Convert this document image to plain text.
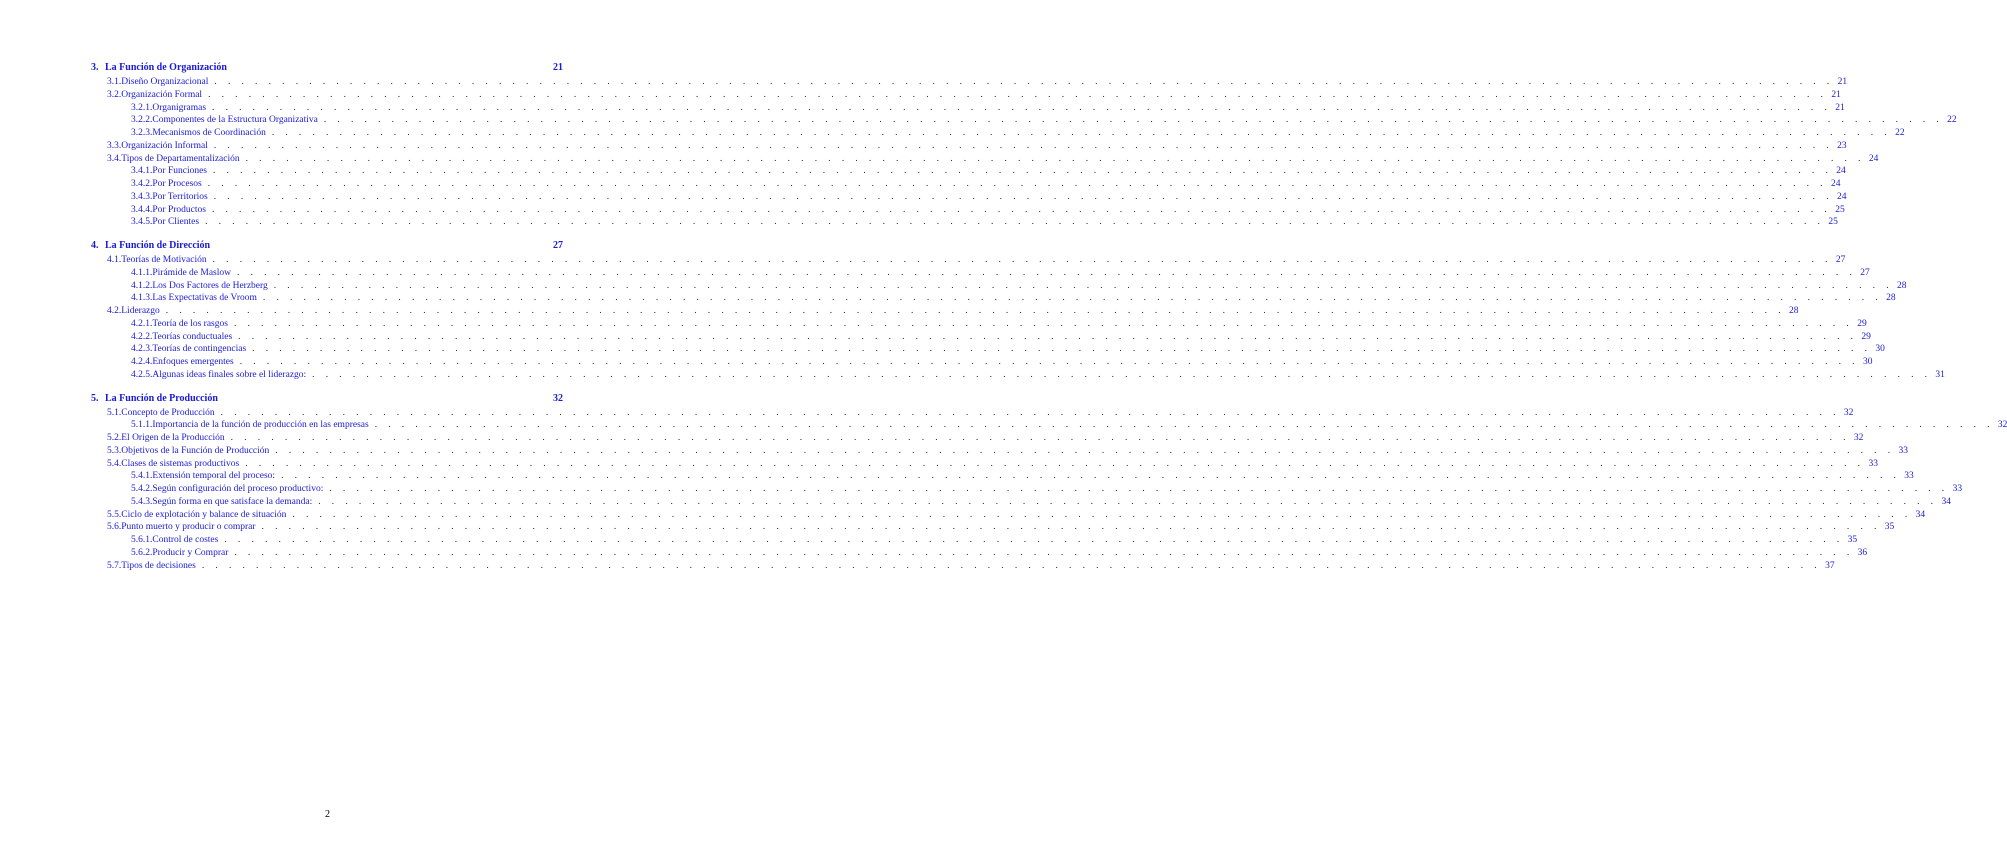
3. La Función de Organización	21
3.1. Diseño Organizacional . . . . . . . . . . . . . . . . . . . . . . . . . . . . . . . . . . . . . . . . . . . . . . . . . . . . . . . . . . . . . . . . . . . . . . . . . . . . . . . . . . . . . . . . . . . . . . . . . . . . . . . . . . . . . . . . . . . . . . . . 21
3.2. Organización Formal . . . . . . . . . . . . . . . . . . . . . . . . . . . . . . . . . . . . . . . . . . . . . . . . . . . . . . . . . . . . . . . . . . . . . . . . . . . . . . . . . . . . . . . . . . . . . . . . . . . . . . . . . . . . . . . . . . . . . . . . 21
3.2.1. Organigramas . . . . . . . . . . . . . . . . . . . . . . . . . . . . . . . . . . . . . . . . . . . . . . . . . . . . . . . . . . . . . . . . . . . . . . . . . . . . . . . . . . . . . . . . . . . . . . . . . . . . . . . . . . . . . . . . . . . . . . . . 21
3.2.2. Componentes de la Estructura Organizativa . . . . . . . . . . . . . . . . . . . . . . . . . . . . . . . . . . . . . . . . . . . . . . . . . . . . . . . . . . . . . . . . . . . . . . . . . . . . . . . . . . . . . . . . . . . . . . . . . . . . . . . . . . . . . . . . . . . . . . . . 22
3.2.3. Mecanismos de Coordinación . . . . . . . . . . . . . . . . . . . . . . . . . . . . . . . . . . . . . . . . . . . . . . . . . . . . . . . . . . . . . . . . . . . . . . . . . . . . . . . . . . . . . . . . . . . . . . . . . . . . . . . . . . . . . . . . . . . . . . . . 22
3.3. Organización Informal . . . . . . . . . . . . . . . . . . . . . . . . . . . . . . . . . . . . . . . . . . . . . . . . . . . . . . . . . . . . . . . . . . . . . . . . . . . . . . . . . . . . . . . . . . . . . . . . . . . . . . . . . . . . . . . . . . . . . . . . 23
3.4. Tipos de Departamentalización . . . . . . . . . . . . . . . . . . . . . . . . . . . . . . . . . . . . . . . . . . . . . . . . . . . . . . . . . . . . . . . . . . . . . . . . . . . . . . . . . . . . . . . . . . . . . . . . . . . . . . . . . . . . . . . . . . . . . . . . 24
3.4.1. Por Funciones . . . . . . . . . . . . . . . . . . . . . . . . . . . . . . . . . . . . . . . . . . . . . . . . . . . . . . . . . . . . . . . . . . . . . . . . . . . . . . . . . . . . . . . . . . . . . . . . . . . . . . . . . . . . . . . . . . . . . . . . 24
3.4.2. Por Procesos . . . . . . . . . . . . . . . . . . . . . . . . . . . . . . . . . . . . . . . . . . . . . . . . . . . . . . . . . . . . . . . . . . . . . . . . . . . . . . . . . . . . . . . . . . . . . . . . . . . . . . . . . . . . . . . . . . . . . . . . 24
3.4.3. Por Territorios . . . . . . . . . . . . . . . . . . . . . . . . . . . . . . . . . . . . . . . . . . . . . . . . . . . . . . . . . . . . . . . . . . . . . . . . . . . . . . . . . . . . . . . . . . . . . . . . . . . . . . . . . . . . . . . . . . . . . . . . 24
3.4.4. Por Productos . . . . . . . . . . . . . . . . . . . . . . . . . . . . . . . . . . . . . . . . . . . . . . . . . . . . . . . . . . . . . . . . . . . . . . . . . . . . . . . . . . . . . . . . . . . . . . . . . . . . . . . . . . . . . . . . . . . . . . . . 25
3.4.5. Por Clientes . . . . . . . . . . . . . . . . . . . . . . . . . . . . . . . . . . . . . . . . . . . . . . . . . . . . . . . . . . . . . . . . . . . . . . . . . . . . . . . . . . . . . . . . . . . . . . . . . . . . . . . . . . . . . . . . . . . . . . . . 25
4. La Función de Dirección	27
4.1. Teorías de Motivación . . . . . . . . . . . . . . . . . . . . . . . . . . . . . . . . . . . . . . . . . . . . . . . . . . . . . . . . . . . . . . . . . . . . . . . . . . . . . . . . . . . . . . . . . . . . . . . . . . . . . . . . . . . . . . . . . . . . . . . . 27
4.1.1. Pirámide de Maslow . . . . . . . . . . . . . . . . . . . . . . . . . . . . . . . . . . . . . . . . . . . . . . . . . . . . . . . . . . . . . . . . . . . . . . . . . . . . . . . . . . . . . . . . . . . . . . . . . . . . . . . . . . . . . . . . . . . . . . . . 27
4.1.2. Los Dos Factores de Herzberg . . . . . . . . . . . . . . . . . . . . . . . . . . . . . . . . . . . . . . . . . . . . . . . . . . . . . . . . . . . . . . . . . . . . . . . . . . . . . . . . . . . . . . . . . . . . . . . . . . . . . . . . . . . . . . . . . . . . . . . . 28
4.1.3. Las Expectativas de Vroom . . . . . . . . . . . . . . . . . . . . . . . . . . . . . . . . . . . . . . . . . . . . . . . . . . . . . . . . . . . . . . . . . . . . . . . . . . . . . . . . . . . . . . . . . . . . . . . . . . . . . . . . . . . . . . . . . . . . . . . . 28
4.2. Liderazgo . . . . . . . . . . . . . . . . . . . . . . . . . . . . . . . . . . . . . . . . . . . . . . . . . . . . . . . . . . . . . . . . . . . . . . . . . . . . . . . . . . . . . . . . . . . . . . . . . . . . . . . . . . . . . . . . . . . . . . . . 28
4.2.1. Teoría de los rasgos . . . . . . . . . . . . . . . . . . . . . . . . . . . . . . . . . . . . . . . . . . . . . . . . . . . . . . . . . . . . . . . . . . . . . . . . . . . . . . . . . . . . . . . . . . . . . . . . . . . . . . . . . . . . . . . . . . . . . . . . 29
4.2.2. Teorías conductuales . . . . . . . . . . . . . . . . . . . . . . . . . . . . . . . . . . . . . . . . . . . . . . . . . . . . . . . . . . . . . . . . . . . . . . . . . . . . . . . . . . . . . . . . . . . . . . . . . . . . . . . . . . . . . . . . . . . . . . . . 29
4.2.3. Teorías de contingencias . . . . . . . . . . . . . . . . . . . . . . . . . . . . . . . . . . . . . . . . . . . . . . . . . . . . . . . . . . . . . . . . . . . . . . . . . . . . . . . . . . . . . . . . . . . . . . . . . . . . . . . . . . . . . . . . . . . . . . . . 30
4.2.4. Enfoques emergentes . . . . . . . . . . . . . . . . . . . . . . . . . . . . . . . . . . . . . . . . . . . . . . . . . . . . . . . . . . . . . . . . . . . . . . . . . . . . . . . . . . . . . . . . . . . . . . . . . . . . . . . . . . . . . . . . . . . . . . . . 30
4.2.5. Algunas ideas finales sobre el liderazgo: . . . . . . . . . . . . . . . . . . . . . . . . . . . . . . . . . . . . . . . . . . . . . . . . . . . . . . . . . . . . . . . . . . . . . . . . . . . . . . . . . . . . . . . . . . . . . . . . . . . . . . . . . . . . . . . . . . . . . . . . 31
5. La Función de Producción	32
5.1. Concepto de Producción . . . . . . . . . . . . . . . . . . . . . . . . . . . . . . . . . . . . . . . . . . . . . . . . . . . . . . . . . . . . . . . . . . . . . . . . . . . . . . . . . . . . . . . . . . . . . . . . . . . . . . . . . . . . . . . . . . . . . . . . 32
5.1.1. Importancia de la función de producción en las empresas . . . . . . . . . . . . . . . . . . . . . . . . . . . . . . . . . . . . . . . . . . . . . . . . . . . . . . . . . . . . . . . . . . . . . . . . . . . . . . . . . . . . . . . . . . . . . . . . . . . . . . . . . . . . . . . . . . . . . . . . 32
5.2. El Origen de la Producción . . . . . . . . . . . . . . . . . . . . . . . . . . . . . . . . . . . . . . . . . . . . . . . . . . . . . . . . . . . . . . . . . . . . . . . . . . . . . . . . . . . . . . . . . . . . . . . . . . . . . . . . . . . . . . . . . . . . . . . . 32
5.3. Objetivos de la Función de Producción . . . . . . . . . . . . . . . . . . . . . . . . . . . . . . . . . . . . . . . . . . . . . . . . . . . . . . . . . . . . . . . . . . . . . . . . . . . . . . . . . . . . . . . . . . . . . . . . . . . . . . . . . . . . . . . . . . . . . . . . 33
5.4. Clases de sistemas productivos . . . . . . . . . . . . . . . . . . . . . . . . . . . . . . . . . . . . . . . . . . . . . . . . . . . . . . . . . . . . . . . . . . . . . . . . . . . . . . . . . . . . . . . . . . . . . . . . . . . . . . . . . . . . . . . . . . . . . . . . 33
5.4.1. Extensión temporal del proceso: . . . . . . . . . . . . . . . . . . . . . . . . . . . . . . . . . . . . . . . . . . . . . . . . . . . . . . . . . . . . . . . . . . . . . . . . . . . . . . . . . . . . . . . . . . . . . . . . . . . . . . . . . . . . . . . . . . . . . . . . 33
5.4.2. Según configuración del proceso productivo: . . . . . . . . . . . . . . . . . . . . . . . . . . . . . . . . . . . . . . . . . . . . . . . . . . . . . . . . . . . . . . . . . . . . . . . . . . . . . . . . . . . . . . . . . . . . . . . . . . . . . . . . . . . . . . . . . . . . . . . . 33
5.4.3. Según forma en que satisface la demanda: . . . . . . . . . . . . . . . . . . . . . . . . . . . . . . . . . . . . . . . . . . . . . . . . . . . . . . . . . . . . . . . . . . . . . . . . . . . . . . . . . . . . . . . . . . . . . . . . . . . . . . . . . . . . . . . . . . . . . . . . 34
5.5. Ciclo de explotación y balance de situación . . . . . . . . . . . . . . . . . . . . . . . . . . . . . . . . . . . . . . . . . . . . . . . . . . . . . . . . . . . . . . . . . . . . . . . . . . . . . . . . . . . . . . . . . . . . . . . . . . . . . . . . . . . . . . . . . . . . . . . . 34
5.6. Punto muerto y producir o comprar . . . . . . . . . . . . . . . . . . . . . . . . . . . . . . . . . . . . . . . . . . . . . . . . . . . . . . . . . . . . . . . . . . . . . . . . . . . . . . . . . . . . . . . . . . . . . . . . . . . . . . . . . . . . . . . . . . . . . . . . 35
5.6.1. Control de costes . . . . . . . . . . . . . . . . . . . . . . . . . . . . . . . . . . . . . . . . . . . . . . . . . . . . . . . . . . . . . . . . . . . . . . . . . . . . . . . . . . . . . . . . . . . . . . . . . . . . . . . . . . . . . . . . . . . . . . . . 35
5.6.2. Producir y Comprar . . . . . . . . . . . . . . . . . . . . . . . . . . . . . . . . . . . . . . . . . . . . . . . . . . . . . . . . . . . . . . . . . . . . . . . . . . . . . . . . . . . . . . . . . . . . . . . . . . . . . . . . . . . . . . . . . . . . . . . . 36
5.7. Tipos de decisiones . . . . . . . . . . . . . . . . . . . . . . . . . . . . . . . . . . . . . . . . . . . . . . . . . . . . . . . . . . . . . . . . . . . . . . . . . . . . . . . . . . . . . . . . . . . . . . . . . . . . . . . . . . . . . . . . . . . . . . . . 37
2
